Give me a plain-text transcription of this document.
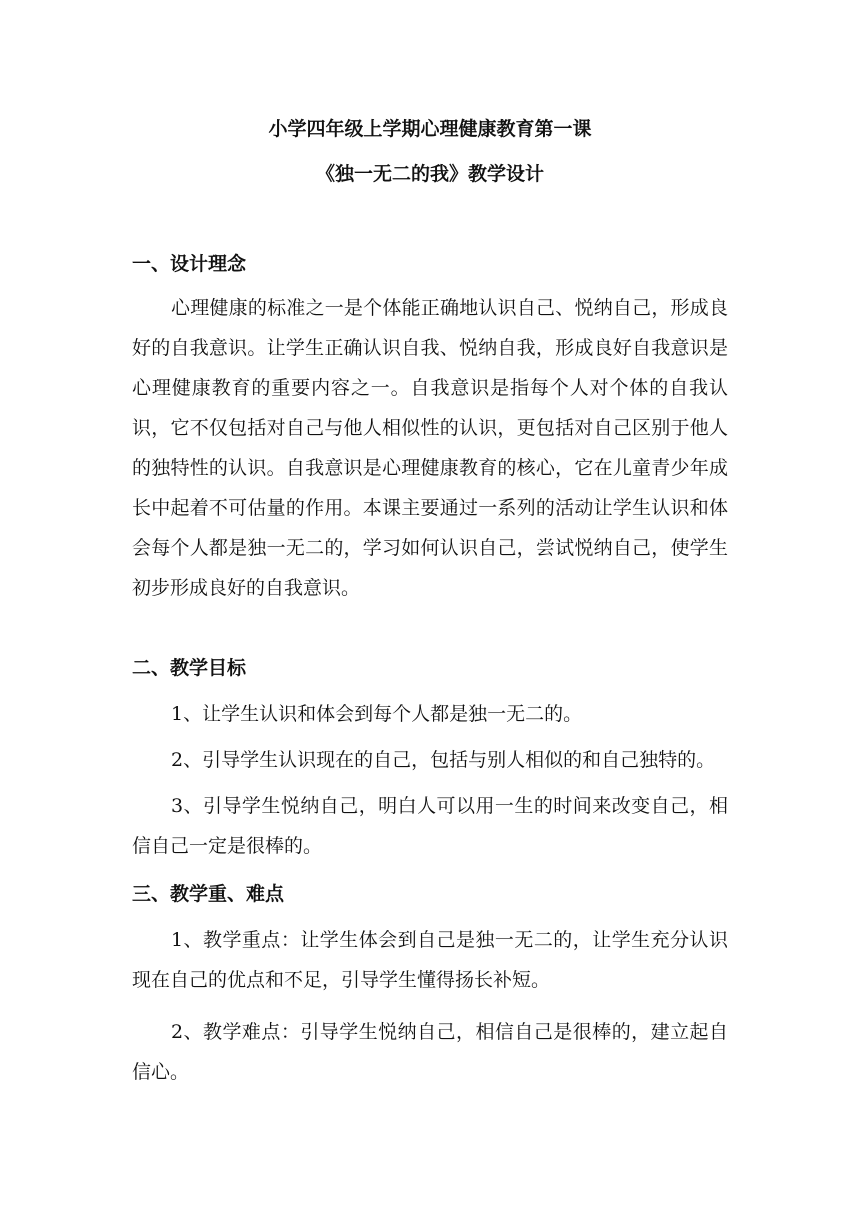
小学四年级上学期心理健康教育第一课
《独一无二的我》教学设计
一、设计理念

心理健康的标准之一是个体能正确地认识自己、悦纳自己，形成良好的自我意识。让学生正确认识自我、悦纳自我，形成良好自我意识是心理健康教育的重要内容之一。自我意识是指每个人对个体的自我认识，它不仅包括对自己与他人相似性的认识，更包括对自己区别于他人的独特性的认识。自我意识是心理健康教育的核心，它在儿童青少年成长中起着不可估量的作用。本课主要通过一系列的活动让学生认识和体会每个人都是独一无二的，学习如何认识自己，尝试悦纳自己，使学生初步形成良好的自我意识。

二、教学目标

1、让学生认识和体会到每个人都是独一无二的。

2、引导学生认识现在的自己，包括与别人相似的和自己独特的。

3、引导学生悦纳自己，明白人可以用一生的时间来改变自己，相信自己一定是很棒的。

三、教学重、难点

1、教学重点：让学生体会到自己是独一无二的，让学生充分认识现在自己的优点和不足，引导学生懂得扬长补短。

2、教学难点：引导学生悦纳自己，相信自己是很棒的，建立起自信心。
